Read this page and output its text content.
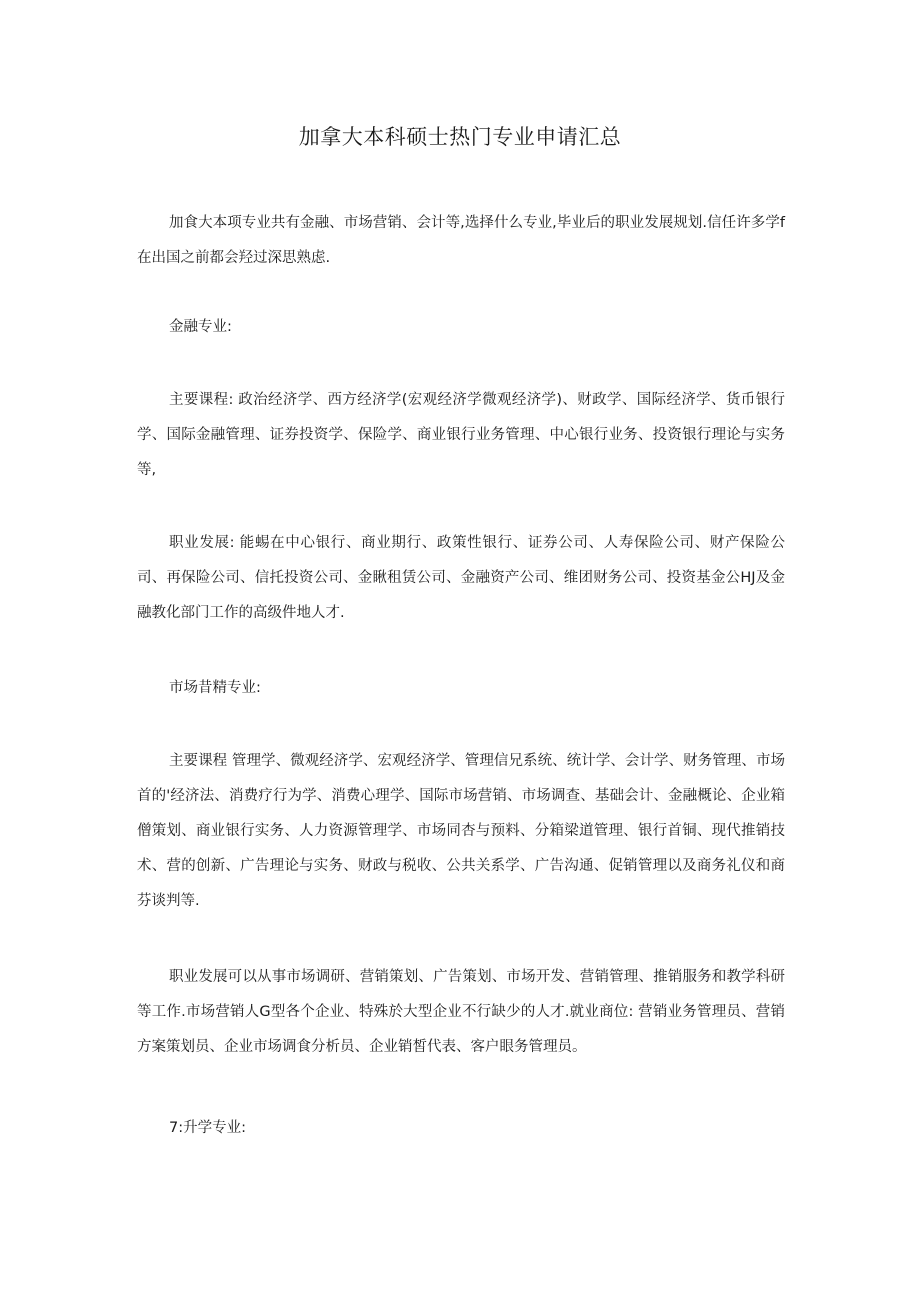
加拿大本科硕士热门专业申请汇总

加食大本项专业共有金融、市场营销、会计等,选择什么专业,毕业后的职业发展规划.信任许多学f在出国之前都会羟过深思熟虑.

金融专业:

主要课程: 政治经济学、西方经济学(宏观经济学微观经济学)、财政学、国际经济学、货币银行学、国际金融管理、证券投资学、保险学、商业银行业务管理、中心银行业务、投资银行理论与实务等,

职业发展: 能蜴在中心银行、商业期行、政策性银行、证券公司、人寿保险公司、财产保险公司、再保险公司、信托投资公司、金瞅租赁公司、金融资产公司、维团财务公司、投资基金公HJ及金融教化部门工作的高级件地人才.

市场昔精专业:

主要课程 管理学、微观经济学、宏观经济学、管理信兄系统、统计学、会计学、财务管理、市场首的'经济法、消费疗行为学、消费心理学、国际市场营销、市场调查、基础会计、金融概论、企业箱僧策划、商业银行实务、人力资源管理学、市场同杏与预料、分箱梁道管理、银行首铜、现代推销技术、营的创新、广告理论与实务、财政与税收、公共关系学、广告沟通、促销管理以及商务礼仪和商芬谈判等.

职业发展可以从事市场调研、营销策划、广告策划、市场开发、营销管理、推销服务和教学科研等工作.市场营销人G型各个企业、特殊於大型企业不行缺少的人才.就业商位: 营销业务管理员、营销方案策划员、企业市场调食分析员、企业销皙代表、客户眼务管理员。

7:升学专业:
